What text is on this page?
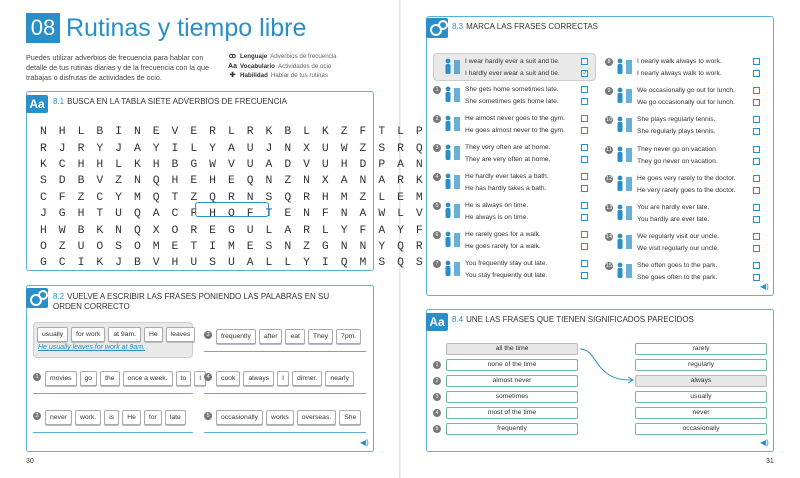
08 Rutinas y tiempo libre
Puedes utilizar adverbios de frecuencia para hablar con detalle de tus rutinas diarias y de la frecuencia con la que trabajas o disfrutas de actividades de ocio.
ꝏ Lenguaje Adverbios de frecuencia
Aa Vocabulario Actividades de ocio
✚ Habilidad Hablar de tus rutinas
Aa	8.1 BUSCA EN LA TABLA SIETE ADVERBIOS DE FRECUENCIA
N	H	L	B	I	N	E	V	E	R	L	R	K	B	L	K	Z	F	T	L	P
R	J	R	Y	J	A	Y	I	L	Y	A	U	J	N	X	U	W	Z	S	R	Q
K	C	H	H	L	K	H	B	G	W	V	U	A	D	V	U	H	D	P	A	N
S	D	B	V	Z	N	Q	H	E	H	E	Q	N	Z	N	X	A	N	A	R	K
C	F	Z	C	Y	M	Q	T	Z	Q	R	N	S	Q	R	H	M	Z	L	E	M
J	G	H	T	U	Q	A	C	F	H	O	F	T	E	N	F	N	A	W	L	V
H	W	B	K	N	Q	X	O	R	E	G	U	L	A	R	L	Y	F	A	Y	F
O	Z	U	O	S	O	M	E	T	I	M	E	S	N	Z	G	N	N	Y	Q	R
G	C	I	K	J	B	V	H	U	S	U	A	L	L	Y	I	Q	M	S	Q	S
8.2 VUELVE A ESCRIBIR LAS FRASES PONIENDO LAS PALABRAS EN SU ORDEN CORRECTO
usually	for work	at 9am.	He	leaves
He usually leaves for work at 9am.
1	movies	go	the	once a week.	to	I
2	never	work.	is	He	for	late
3	frequently	after	eat	They	7pm.
4	cook	always	I	dinner.	nearly
5	occasionally	works	overseas.	She
◀)
30
8.3 MARCA LAS FRASES CORRECTAS
I wear hardly ever a suit and tie.
I hardly ever wear a suit and tie.	✓
1	She gets home sometimes late.
She sometimes gets home late.
2	He almost never goes to the gym.
He goes almost never to the gym.
3	They very often are at home.
They are very often at home.
4	He hardly ever takes a bath.
He has hardly takes a bath.
5	He is always on time.
He always is on time.
6	He rarely goes for a walk.
He goes rarely for a walk.
7	You frequently stay out late.
You stay frequently out late.
8	I nearly walk always to work.
I nearly always walk to work.
9	We occasionally go out for lunch.
We go occasionally out for lunch.
10	She plays regularly tennis.
She regularly plays tennis.
11	They never go on vacation.
They go never on vacation.
12	He goes very rarely to the doctor.
He very rarely goes to the doctor.
13	You are hardly ever late.
You hardly are ever late.
14	We regularly visit our uncle.
We visit regularly our uncle.
15	She often goes to the park.
She goes often to the park.
◀)
Aa 8.4 UNE LAS FRASES QUE TIENEN SIGNIFICADOS PARECIDOS
all the time
1	none of the time
2	almost never
3	sometimes
4	most of the time
5	frequently
rarely
regularly
always
usually
never
occasionally
◀)
31
